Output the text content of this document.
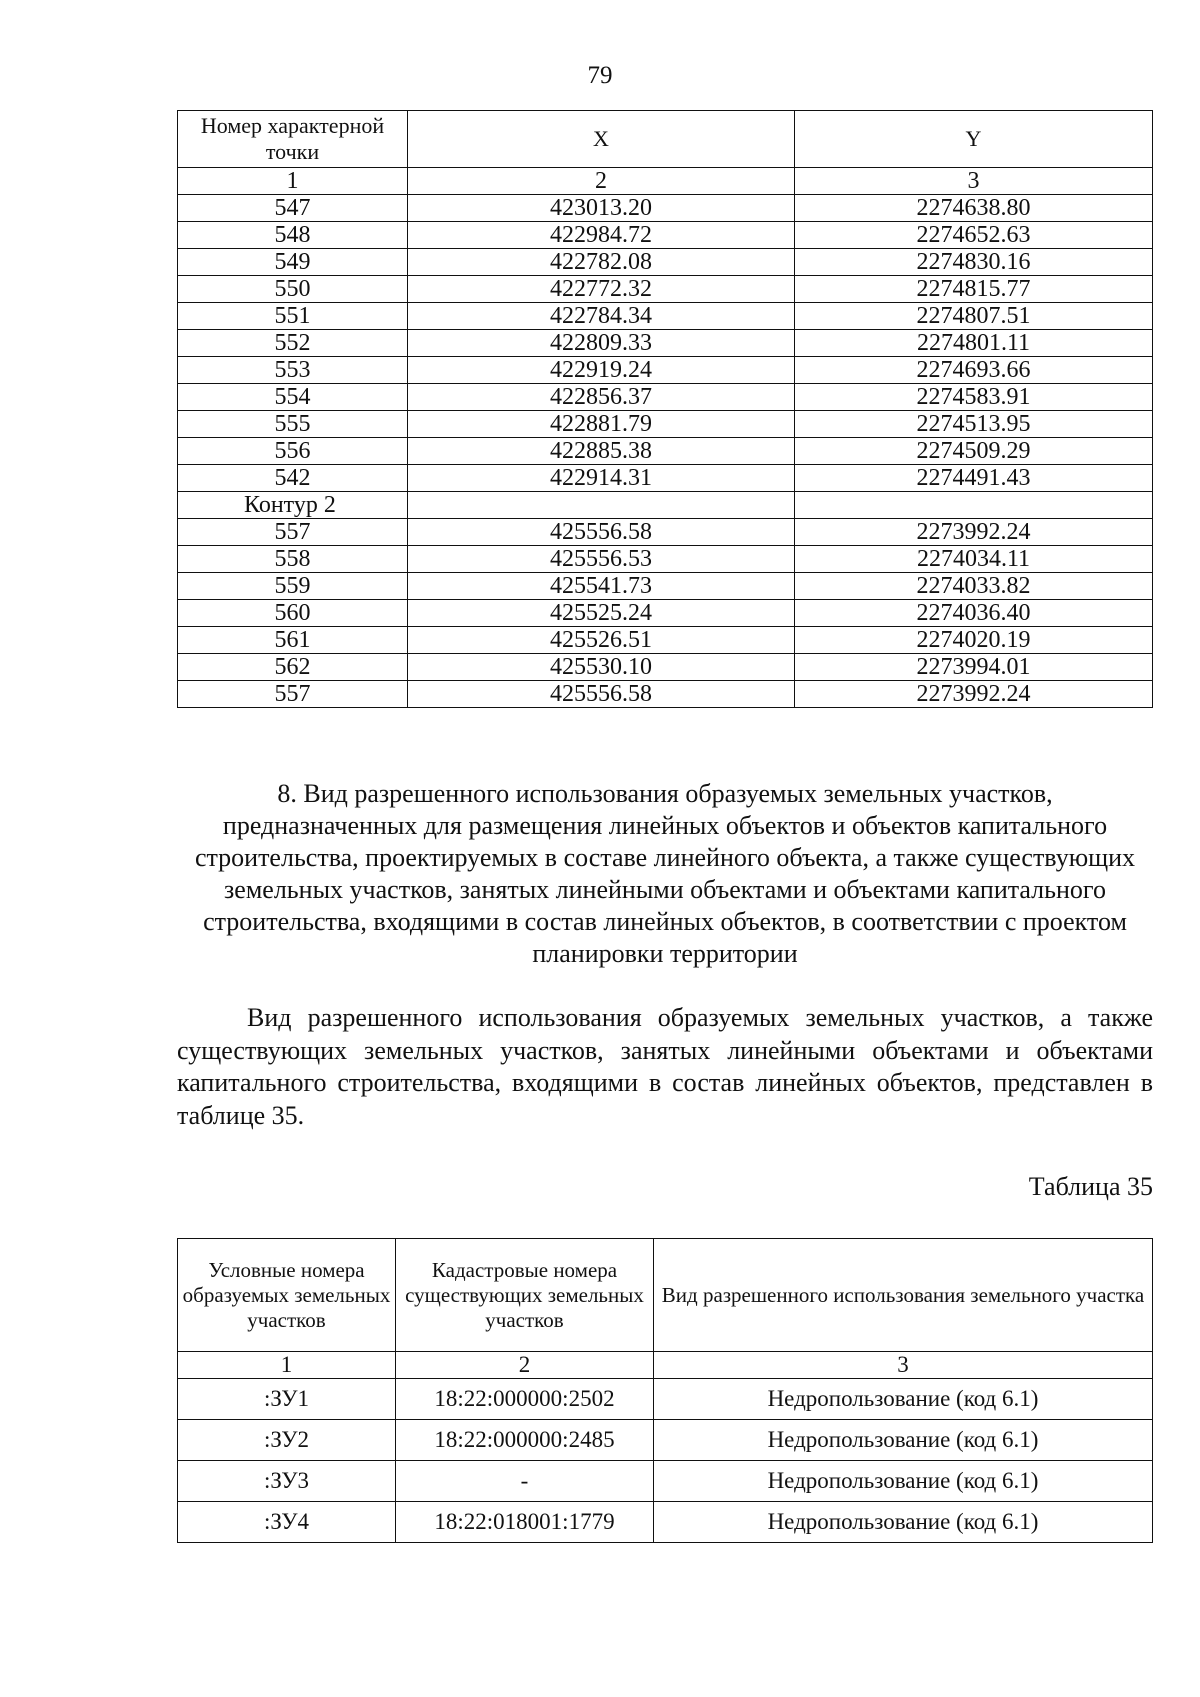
79
Номер характерной точки	X	Y
1	2	3
547	423013.20	2274638.80
548	422984.72	2274652.63
549	422782.08	2274830.16
550	422772.32	2274815.77
551	422784.34	2274807.51
552	422809.33	2274801.11
553	422919.24	2274693.66
554	422856.37	2274583.91
555	422881.79	2274513.95
556	422885.38	2274509.29
542	422914.31	2274491.43
Контур 2		
557	425556.58	2273992.24
558	425556.53	2274034.11
559	425541.73	2274033.82
560	425525.24	2274036.40
561	425526.51	2274020.19
562	425530.10	2273994.01
557	425556.58	2273992.24
8. Вид разрешенного использования образуемых земельных участков, предназначенных для размещения линейных объектов и объектов капитального строительства, проектируемых в составе линейного объекта, а также существующих земельных участков, занятых линейными объектами и объектами капитального строительства, входящими в состав линейных объектов, в соответствии с проектом планировки территории
Вид разрешенного использования образуемых земельных участков, а также существующих земельных участков, занятых линейными объектами и объектами капитального строительства, входящими в состав линейных объектов, представлен в таблице 35.
Таблица 35
Условные номера образуемых земельных участков	Кадастровые номера существующих земельных участков	Вид разрешенного использования земельного участка
1	2	3
:ЗУ1	18:22:000000:2502	Недропользование (код 6.1)
:ЗУ2	18:22:000000:2485	Недропользование (код 6.1)
:ЗУ3	-	Недропользование (код 6.1)
:ЗУ4	18:22:018001:1779	Недропользование (код 6.1)
